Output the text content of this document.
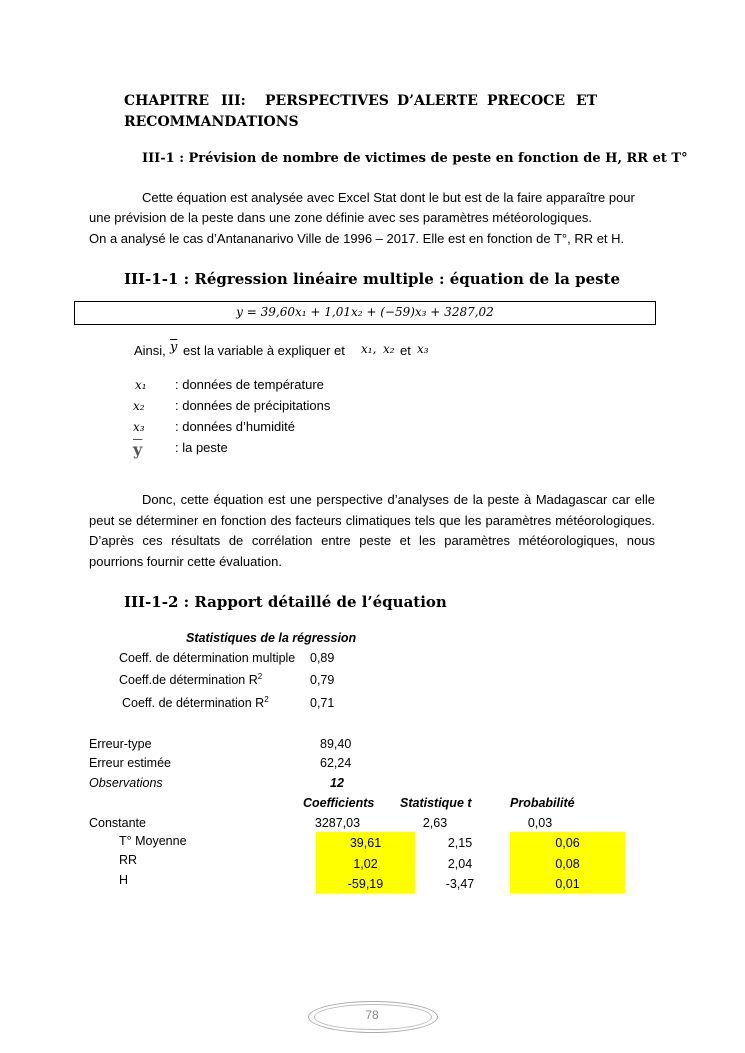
CHAPITRE III: PERSPECTIVES D’ALERTE PRECOCE ET
RECOMMANDATIONS
III-1 : Prévision de nombre de victimes de peste en fonction de H, RR et T°
Cette équation est analysée avec Excel Stat dont le but est de la faire apparaître pour
une prévision de la peste dans une zone définie avec ses paramètres météorologiques.
On a analysé le cas d’Antananarivo Ville de 1996 – 2017. Elle est en fonction de T°, RR et H.
III-1-1 : Régression linéaire multiple : équation de la peste
y = 39,60x₁ + 1,01x₂ + (−59)x₃ + 3287,02
Ainsi, $\overline{y}$ est la variable à expliquer et x₁, x₂ et x₃
x₁ : données de température
x₂ : données de précipitations
x₃ : données d’humidité
$\overline{y}$	: la peste
Donc, cette équation est une perspective d’analyses de la peste à Madagascar car elle peut se déterminer en fonction des facteurs climatiques tels que les paramètres météorologiques. D’après ces résultats de corrélation entre peste et les paramètres météorologiques, nous pourrions fournir cette évaluation.
III-1-2 : Rapport détaillé de l’équation
Statistiques de la régression
Coeff. de détermination multiple 0,89
Coeff.de détermination $R^2$	0,79
Coeff. de détermination $R^2$	0,71
Erreur-type	89,40
Erreur estimée	62,24
Observations	12
Coefficients Statistique t	Probabilité
Constante	3287,03	2,63	0,03
T° Moyenne	39,61	2,15	0,06
RR	1,02	2,04	0,08
H	-59,19	-3,47	0,01
78
